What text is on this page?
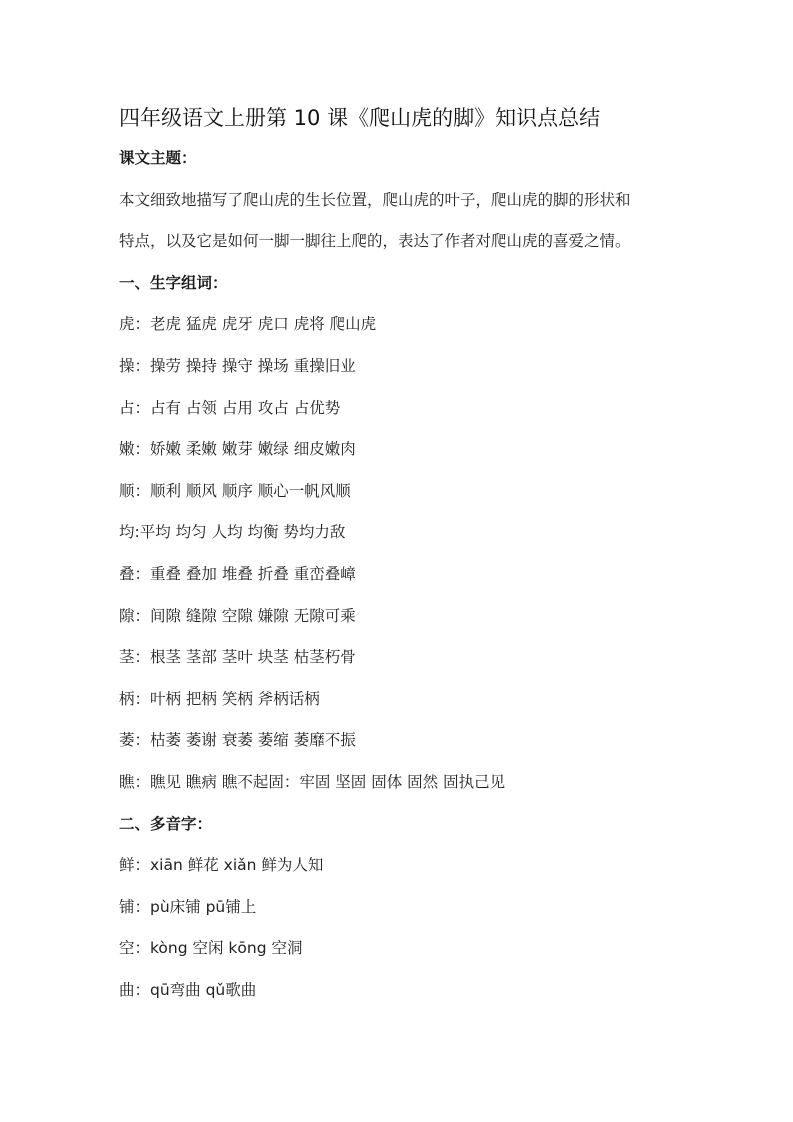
四年级语文上册第 10 课《爬山虎的脚》知识点总结
课文主题：
本文细致地描写了爬山虎的生长位置，爬山虎的叶子，爬山虎的脚的形状和
特点，以及它是如何一脚一脚往上爬的，表达了作者对爬山虎的喜爱之情。
一、生字组词：
虎：老虎 猛虎 虎牙 虎口 虎将 爬山虎
操：操劳 操持 操守 操场 重操旧业
占：占有 占领 占用 攻占 占优势
嫩：娇嫩 柔嫩 嫩芽 嫩绿 细皮嫩肉
顺：顺利 顺风 顺序 顺心一帆风顺
均:平均 均匀 人均 均衡 势均力敌
叠：重叠 叠加 堆叠 折叠 重峦叠嶂
隙：间隙 缝隙 空隙 嫌隙 无隙可乘
茎：根茎 茎部 茎叶 块茎 枯茎朽骨
柄：叶柄 把柄 笑柄 斧柄话柄
萎：枯萎 萎谢 衰萎 萎缩 萎靡不振
瞧：瞧见 瞧病 瞧不起固：牢固 坚固 固体 固然 固执己见
二、多音字：
鲜：xiān 鲜花 xiǎn 鲜为人知
铺：pù床铺 pū铺上
空：kòng 空闲 kōng 空洞
曲：qū弯曲 qǔ歌曲
